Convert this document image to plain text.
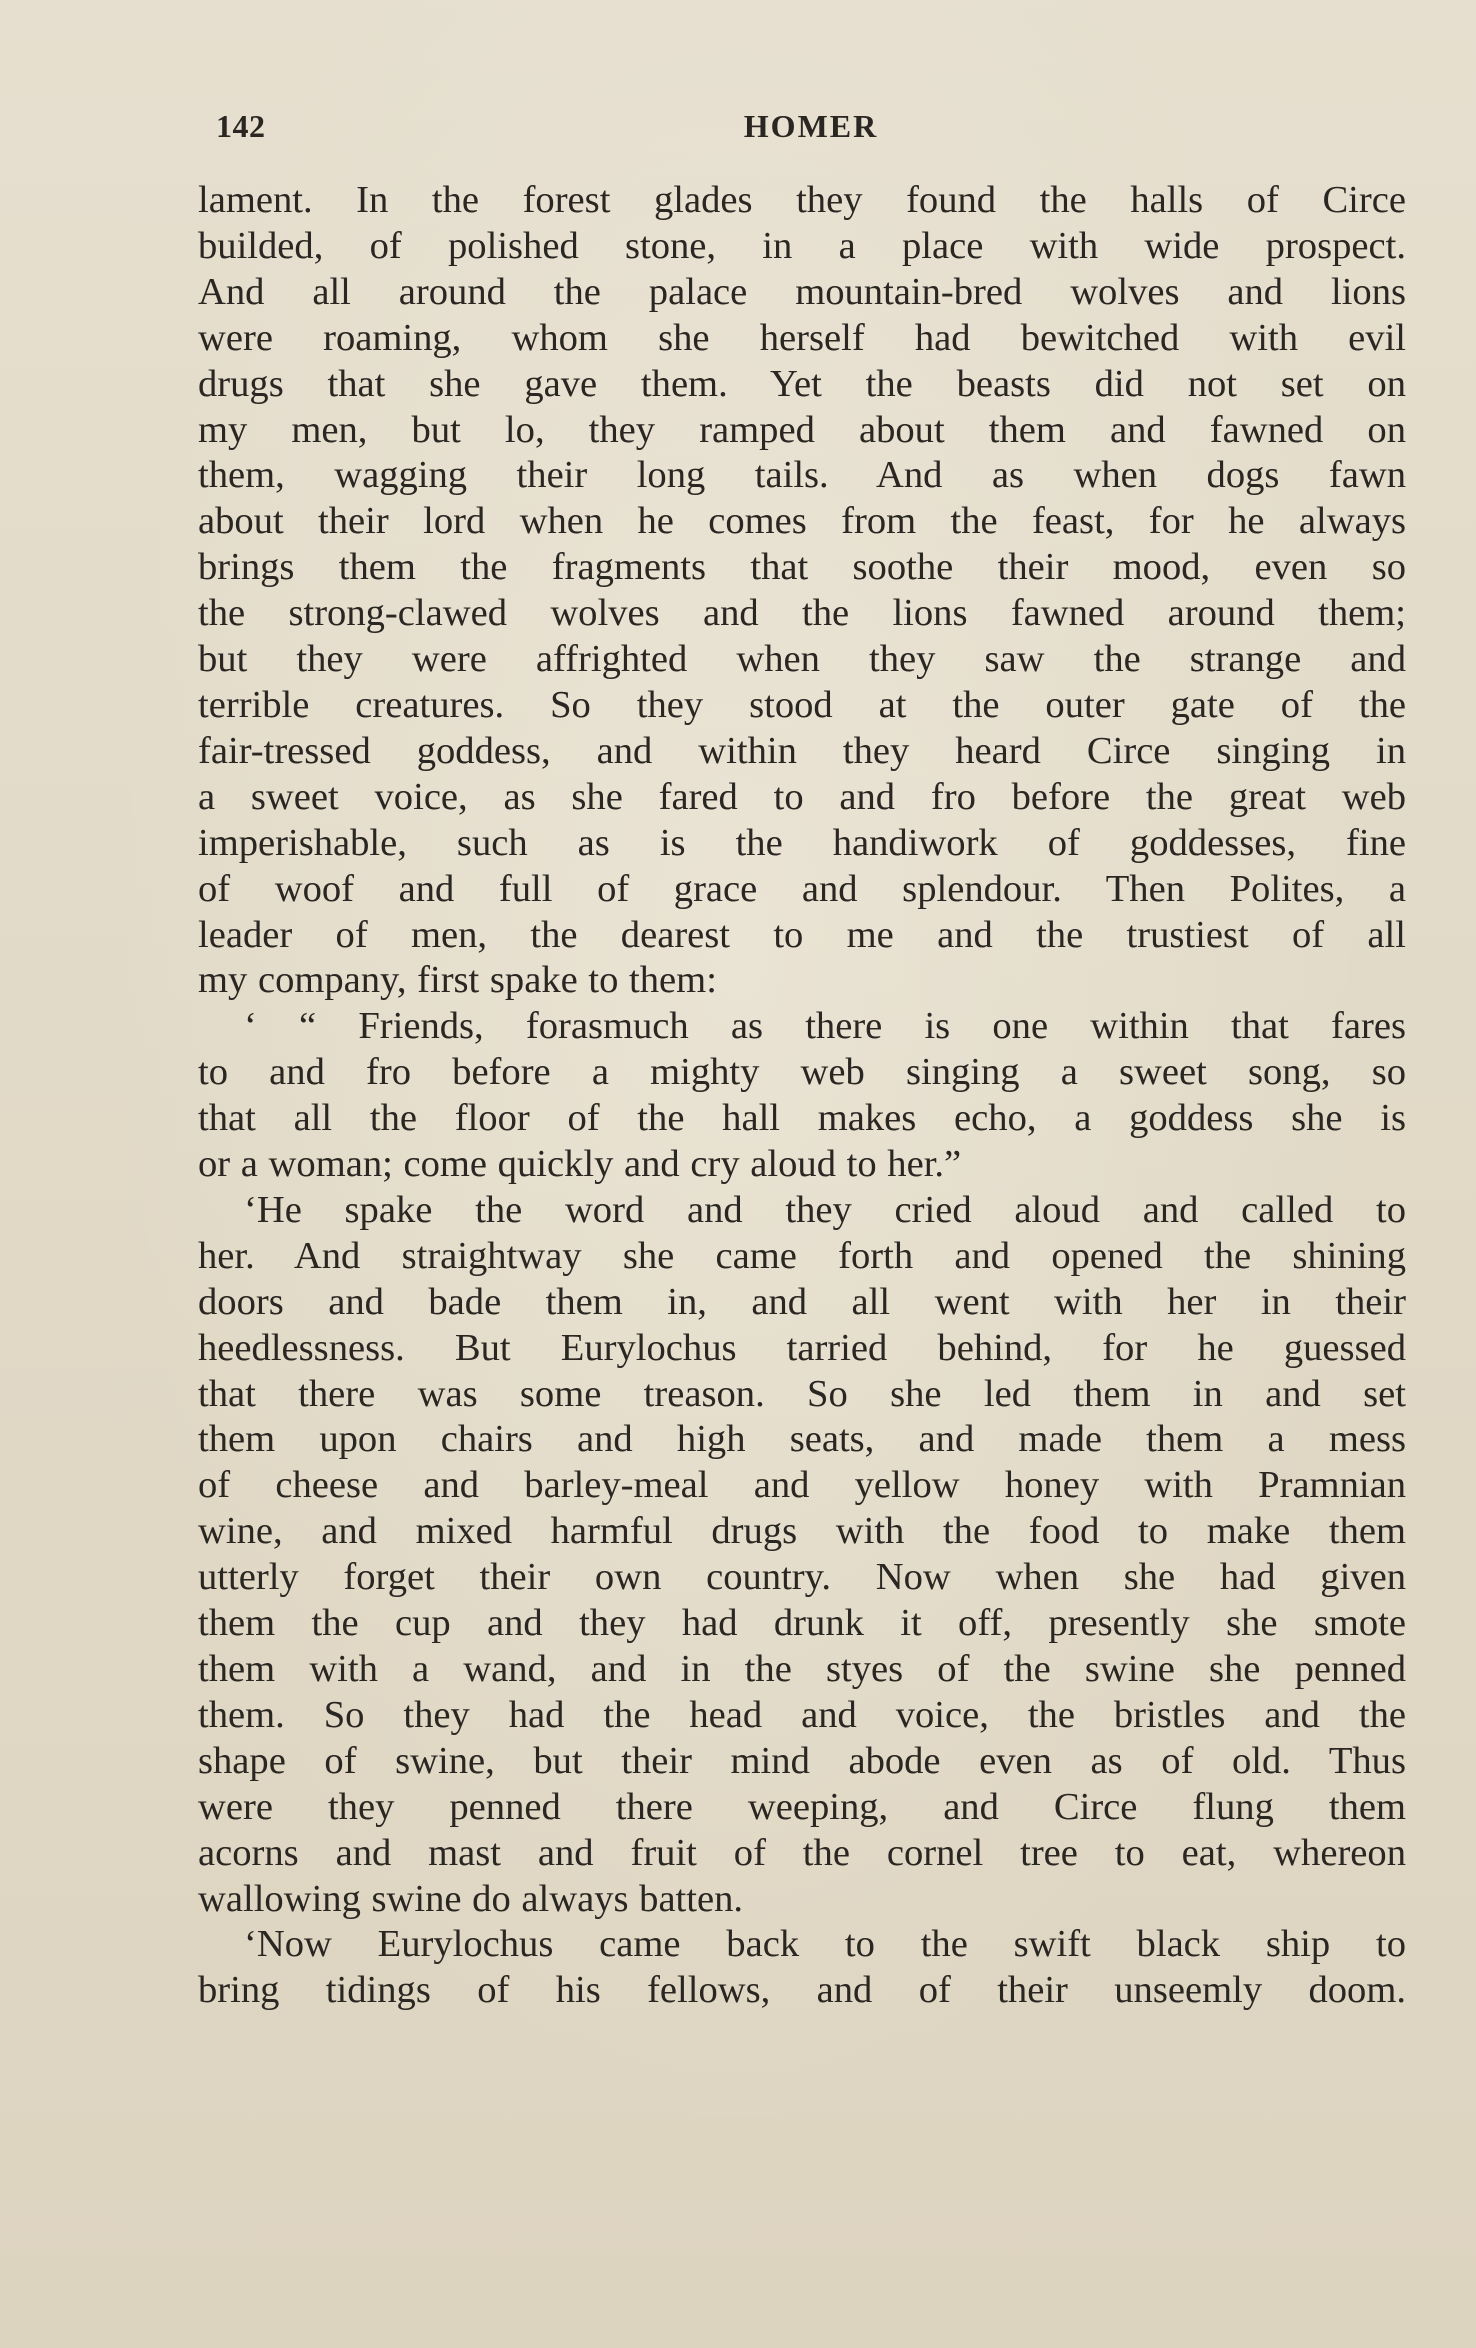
142	HOMER
lament. In the forest glades they found the halls of Circe
builded, of polished stone, in a place with wide prospect.
And all around the palace mountain-bred wolves and lions
were roaming, whom she herself had bewitched with evil
drugs that she gave them. Yet the beasts did not set on
my men, but lo, they ramped about them and fawned on
them, wagging their long tails. And as when dogs fawn
about their lord when he comes from the feast, for he always
brings them the fragments that soothe their mood, even so
the strong-clawed wolves and the lions fawned around them;
but they were affrighted when they saw the strange and
terrible creatures. So they stood at the outer gate of the
fair-tressed goddess, and within they heard Circe singing in
a sweet voice, as she fared to and fro before the great web
imperishable, such as is the handiwork of goddesses, fine
of woof and full of grace and splendour. Then Polites, a
leader of men, the dearest to me and the trustiest of all
my company, first spake to them:
‘ “ Friends, forasmuch as there is one within that fares
to and fro before a mighty web singing a sweet song, so
that all the floor of the hall makes echo, a goddess she is
or a woman; come quickly and cry aloud to her.”
‘He spake the word and they cried aloud and called to
her. And straightway she came forth and opened the shining
doors and bade them in, and all went with her in their
heedlessness. But Eurylochus tarried behind, for he guessed
that there was some treason. So she led them in and set
them upon chairs and high seats, and made them a mess
of cheese and barley-meal and yellow honey with Pramnian
wine, and mixed harmful drugs with the food to make them
utterly forget their own country. Now when she had given
them the cup and they had drunk it off, presently she smote
them with a wand, and in the styes of the swine she penned
them. So they had the head and voice, the bristles and the
shape of swine, but their mind abode even as of old. Thus
were they penned there weeping, and Circe flung them
acorns and mast and fruit of the cornel tree to eat, whereon
wallowing swine do always batten.
‘Now Eurylochus came back to the swift black ship to
bring tidings of his fellows, and of their unseemly doom.
